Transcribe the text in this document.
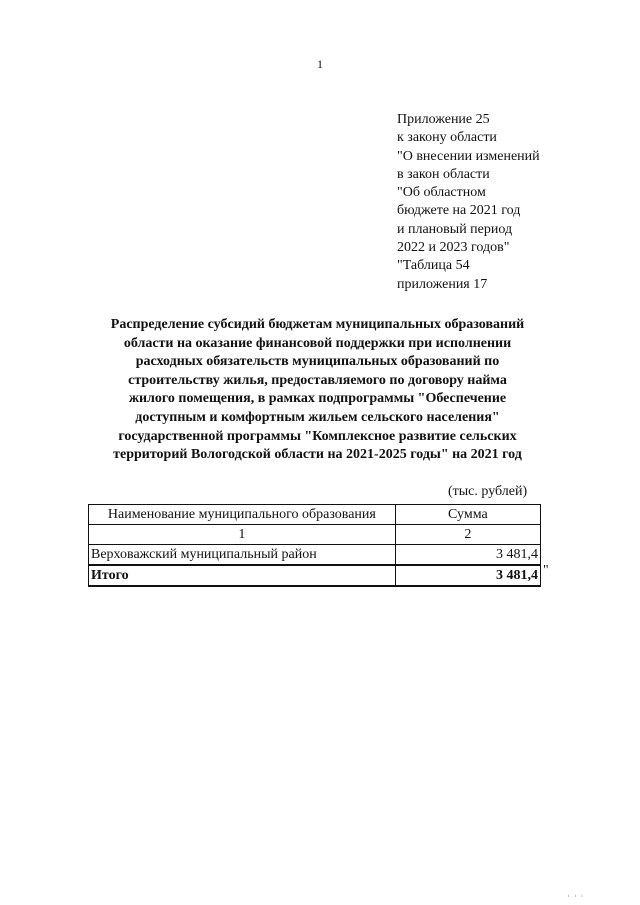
1
Приложение 25
к закону области
"О внесении изменений
в закон области
"Об областном
бюджете на 2021 год
и плановый период
2022 и 2023 годов"
"Таблица 54
приложения 17
Распределение субсидий бюджетам муниципальных образований
области на оказание финансовой поддержки при исполнении
расходных обязательств муниципальных образований по
строительству жилья, предоставляемого по договору найма
жилого помещения, в рамках подпрограммы "Обеспечение
доступным и комфортным жильем сельского населения"
государственной программы "Комплексное развитие сельских
территорий Вологодской области на 2021-2025 годы" на 2021 год
(тыс. рублей)
Наименование муниципального образования	Сумма
1	2
Верховажский муниципальный район	3 481,4
Итого	3 481,4 "
ı ı ı
